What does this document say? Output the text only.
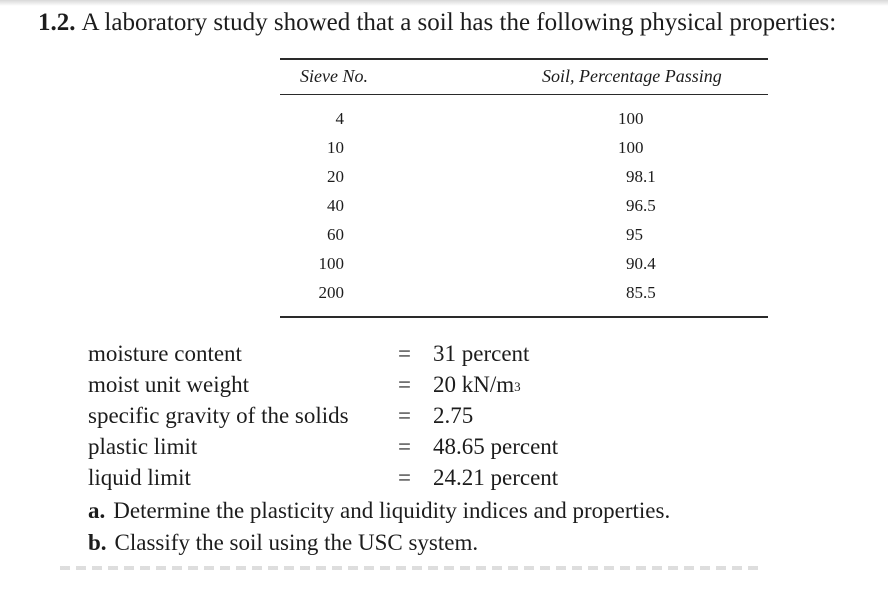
1.2. A laboratory study showed that a soil has the following physical properties:
Sieve No.	Soil, Percentage Passing
4	100
10	100
20	98.1
40	96.5
60	95
100	90.4
200	85.5
moisture content	= 31 percent
moist unit weight	= 20 $kN/m^3$
specific gravity of the solids = 2.75
plastic limit	= 48.65 percent
liquid limit	= 24.21 percent
a. Determine the plasticity and liquidity indices and properties.
b. Classify the soil using the USC system.
